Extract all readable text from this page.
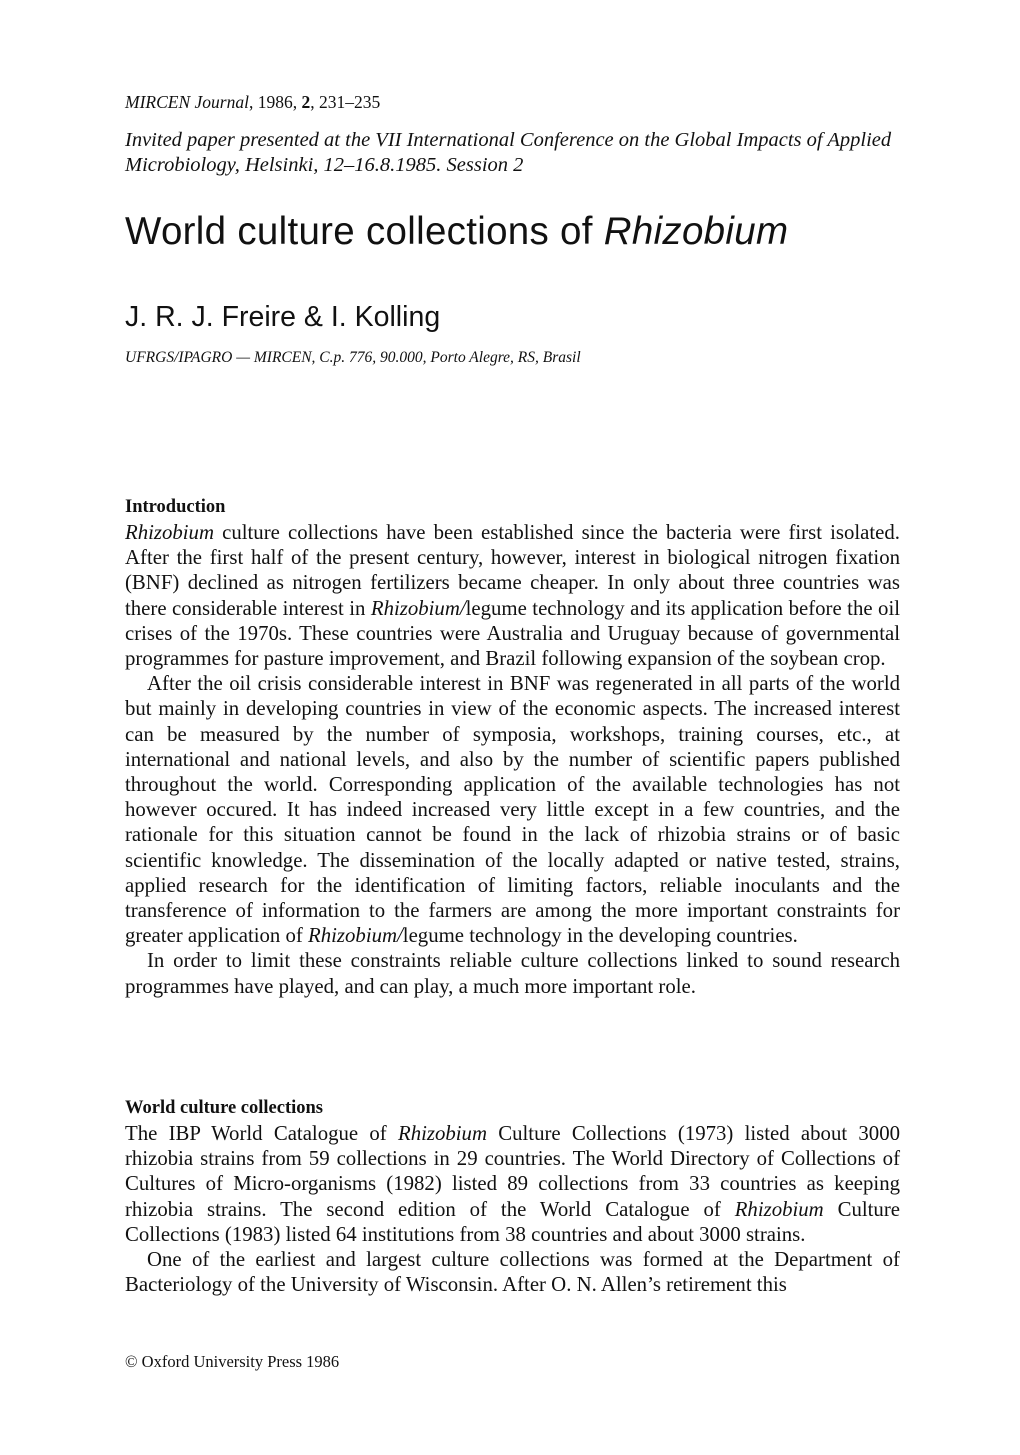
MIRCEN Journal, 1986, 2, 231–235
Invited paper presented at the VII International Conference on the Global Impacts of Applied Microbiology, Helsinki, 12–16.8.1985. Session 2
World culture collections of Rhizobium
J. R. J. Freire & I. Kolling
UFRGS/IPAGRO — MIRCEN, C.p. 776, 90.000, Porto Alegre, RS, Brasil
Introduction

Rhizobium culture collections have been established since the bacteria were first isolated. After the first half of the present century, however, interest in biological nitrogen fixation (BNF) declined as nitrogen fertilizers became cheaper. In only about three countries was there considerable interest in Rhizobium/legume technology and its application before the oil crises of the 1970s. These countries were Australia and Uruguay because of governmental programmes for pasture improvement, and Brazil following expansion of the soybean crop.

After the oil crisis considerable interest in BNF was regenerated in all parts of the world but mainly in developing countries in view of the economic aspects. The increased interest can be measured by the number of symposia, workshops, training courses, etc., at international and national levels, and also by the number of scientific papers published throughout the world. Corresponding application of the available technologies has not however occured. It has indeed increased very little except in a few countries, and the rationale for this situation cannot be found in the lack of rhizobia strains or of basic scientific knowledge. The dissemination of the locally adapted or native tested, strains, applied research for the identification of limiting factors, reliable inoculants and the transference of information to the farmers are among the more important constraints for greater application of Rhizobium/legume technology in the developing countries.

In order to limit these constraints reliable culture collections linked to sound research programmes have played, and can play, a much more important role.

World culture collections

The IBP World Catalogue of Rhizobium Culture Collections (1973) listed about 3000 rhizobia strains from 59 collections in 29 countries. The World Directory of Collections of Cultures of Micro-organisms (1982) listed 89 collections from 33 countries as keeping rhizobia strains. The second edition of the World Catalogue of Rhizobium Culture Collections (1983) listed 64 institutions from 38 countries and about 3000 strains.

One of the earliest and largest culture collections was formed at the Department of Bacteriology of the University of Wisconsin. After O. N. Allen’s retirement this

© Oxford University Press 1986
